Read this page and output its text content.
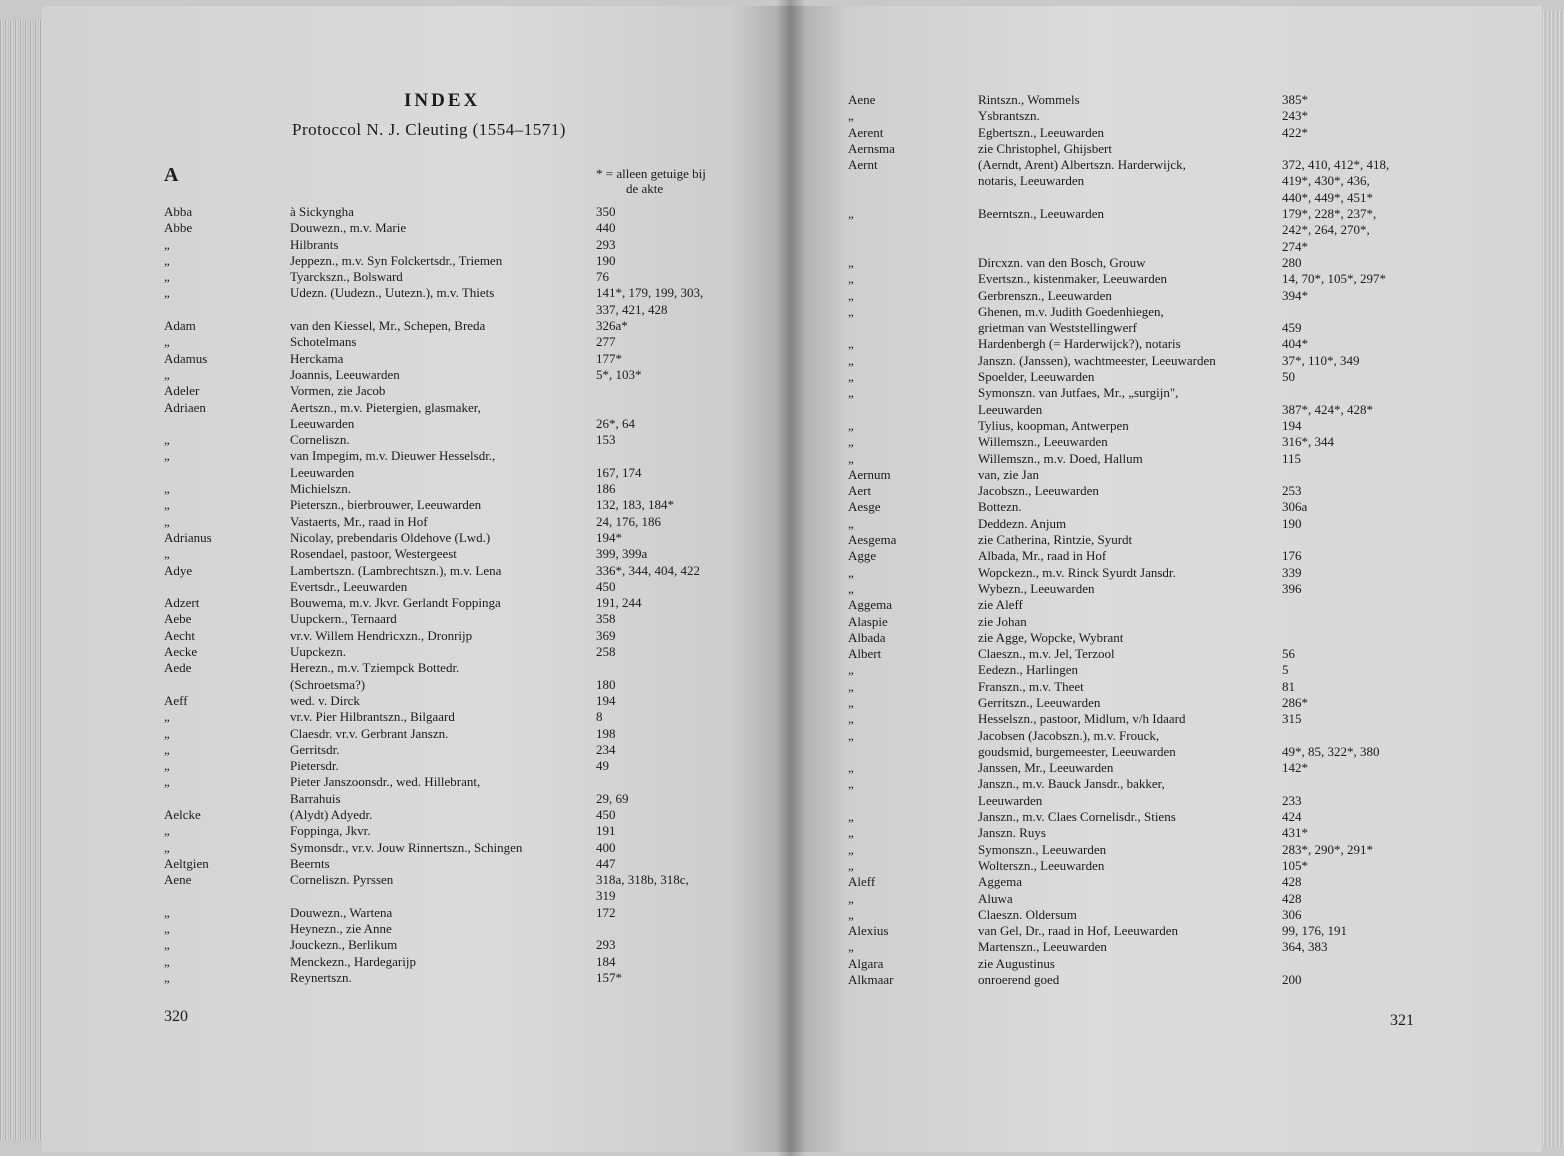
INDEX
Protoccol N. J. Cleuting (1554–1571)
A	* = alleen getuige bij
de akte
Abba	à Sickyngha	350
Abbe	Douwezn., m.v. Marie	440
„	Hilbrants	293
„	Jeppezn., m.v. Syn Folckertsdr., Triemen	190
„	Tyarckszn., Bolsward	76
„	Udezn. (Uudezn., Uutezn.), m.v. Thiets	141*, 179, 199, 303,
337, 421, 428
Adam	van den Kiessel, Mr., Schepen, Breda	326a*
„	Schotelmans	277
Adamus	Herckama	177*
„	Joannis, Leeuwarden	5*, 103*
Adeler	Vormen, zie Jacob
Adriaen	Aertszn., m.v. Pietergien, glasmaker,
Leeuwarden	26*, 64
„	Corneliszn.	153
„	van Impegim, m.v. Dieuwer Hesselsdr.,
Leeuwarden	167, 174
„	Michielszn.	186
„	Pieterszn., bierbrouwer, Leeuwarden	132, 183, 184*
„	Vastaerts, Mr., raad in Hof	24, 176, 186
Adrianus	Nicolay, prebendaris Oldehove (Lwd.)	194*
„	Rosendael, pastoor, Westergeest	399, 399a
Adye	Lambertszn. (Lambrechtszn.), m.v. Lena	336*, 344, 404, 422
Evertsdr., Leeuwarden	450
Adzert	Bouwema, m.v. Jkvr. Gerlandt Foppinga	191, 244
Aebe	Uupckern., Ternaard	358
Aecht	vr.v. Willem Hendricxzn., Dronrijp	369
Aecke	Uupckezn.	258
Aede	Herezn., m.v. Tziempck Bottedr.
(Schroetsma?)	180
Aeff	wed. v. Dirck	194
„	vr.v. Pier Hilbrantszn., Bilgaard	8
„	Claesdr. vr.v. Gerbrant Janszn.	198
„	Gerritsdr.	234
„	Pietersdr.	49
„	Pieter Janszoonsdr., wed. Hillebrant,
Barrahuis	29, 69
Aelcke	(Alydt) Adyedr.	450
„	Foppinga, Jkvr.	191
„	Symonsdr., vr.v. Jouw Rinnertszn., Schingen	400
Aeltgien	Beernts	447
Aene	Corneliszn. Pyrssen	318a, 318b, 318c,
319
„	Douwezn., Wartena	172
„	Heynezn., zie Anne
„	Jouckezn., Berlikum	293
„	Menckezn., Hardegarijp	184
„	Reynertszn.	157*
Aene	Rintszn., Wommels	385*
„	Ysbrantszn.	243*
Aerent	Egbertszn., Leeuwarden	422*
Aernsma	zie Christophel, Ghijsbert
Aernt	(Aerndt, Arent) Albertszn. Harderwijck,	372, 410, 412*, 418,
notaris, Leeuwarden	419*, 430*, 436,
440*, 449*, 451*
„	Beerntszn., Leeuwarden	179*, 228*, 237*,
242*, 264, 270*,
274*
„	Dircxzn. van den Bosch, Grouw	280
„	Evertszn., kistenmaker, Leeuwarden	14, 70*, 105*, 297*
„	Gerbrenszn., Leeuwarden	394*
„	Ghenen, m.v. Judith Goedenhiegen,
grietman van Weststellingwerf	459
„	Hardenbergh (= Harderwijck?), notaris	404*
„	Janszn. (Janssen), wachtmeester, Leeuwarden	37*, 110*, 349
„	Spoelder, Leeuwarden	50
„	Symonszn. van Jutfaes, Mr., „surgijn",
Leeuwarden	387*, 424*, 428*
„	Tylius, koopman, Antwerpen	194
„	Willemszn., Leeuwarden	316*, 344
„	Willemszn., m.v. Doed, Hallum	115
Aernum	van, zie Jan
Aert	Jacobszn., Leeuwarden	253
Aesge	Bottezn.	306a
„	Deddezn. Anjum	190
Aesgema	zie Catherina, Rintzie, Syurdt
Agge	Albada, Mr., raad in Hof	176
„	Wopckezn., m.v. Rinck Syurdt Jansdr.	339
„	Wybezn., Leeuwarden	396
Aggema	zie Aleff
Alaspie	zie Johan
Albada	zie Agge, Wopcke, Wybrant
Albert	Claeszn., m.v. Jel, Terzool	56
„	Eedezn., Harlingen	5
„	Franszn., m.v. Theet	81
„	Gerritszn., Leeuwarden	286*
„	Hesselszn., pastoor, Midlum, v/h Idaard	315
„	Jacobsen (Jacobszn.), m.v. Frouck,
goudsmid, burgemeester, Leeuwarden	49*, 85, 322*, 380
„	Janssen, Mr., Leeuwarden	142*
„	Janszn., m.v. Bauck Jansdr., bakker,
Leeuwarden	233
„	Janszn., m.v. Claes Cornelisdr., Stiens	424
„	Janszn. Ruys	431*
„	Symonszn., Leeuwarden	283*, 290*, 291*
„	Wolterszn., Leeuwarden	105*
Aleff	Aggema	428
„	Aluwa	428
„	Claeszn. Oldersum	306
Alexius	van Gel, Dr., raad in Hof, Leeuwarden	99, 176, 191
„	Martenszn., Leeuwarden	364, 383
Algara	zie Augustinus
Alkmaar	onroerend goed	200
320	321
